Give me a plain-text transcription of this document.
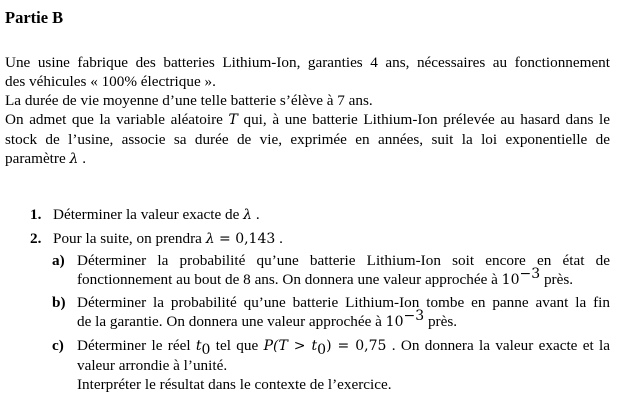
Partie B
Une usine fabrique des batteries Lithium-Ion, garanties 4 ans, nécessaires au fonctionnement
des véhicules « 100% électrique ».
La durée de vie moyenne d’une telle batterie s’élève à 7 ans.
On admet que la variable aléatoire T qui, à une batterie Lithium-Ion prélevée au hasard dans le
stock de l’usine, associe sa durée de vie, exprimée en années, suit la loi exponentielle de
paramètre λ .
1. Déterminer la valeur exacte de λ .
2. Pour la suite, on prendra λ = 0,143 .
a) Déterminer la probabilité qu’une batterie Lithium-Ion soit encore en état de
fonctionnement au bout de 8 ans. On donnera une valeur approchée à $10^{-3}$ près.
b) Déterminer la probabilité qu’une batterie Lithium-Ion tombe en panne avant la fin
de la garantie. On donnera une valeur approchée à $10^{-3}$ près.
c) Déterminer le réel $t_0$ tel que $P(T > t_0) = 0,75$ . On donnera la valeur exacte et la
valeur arrondie à l’unité.
Interpréter le résultat dans le contexte de l’exercice.
